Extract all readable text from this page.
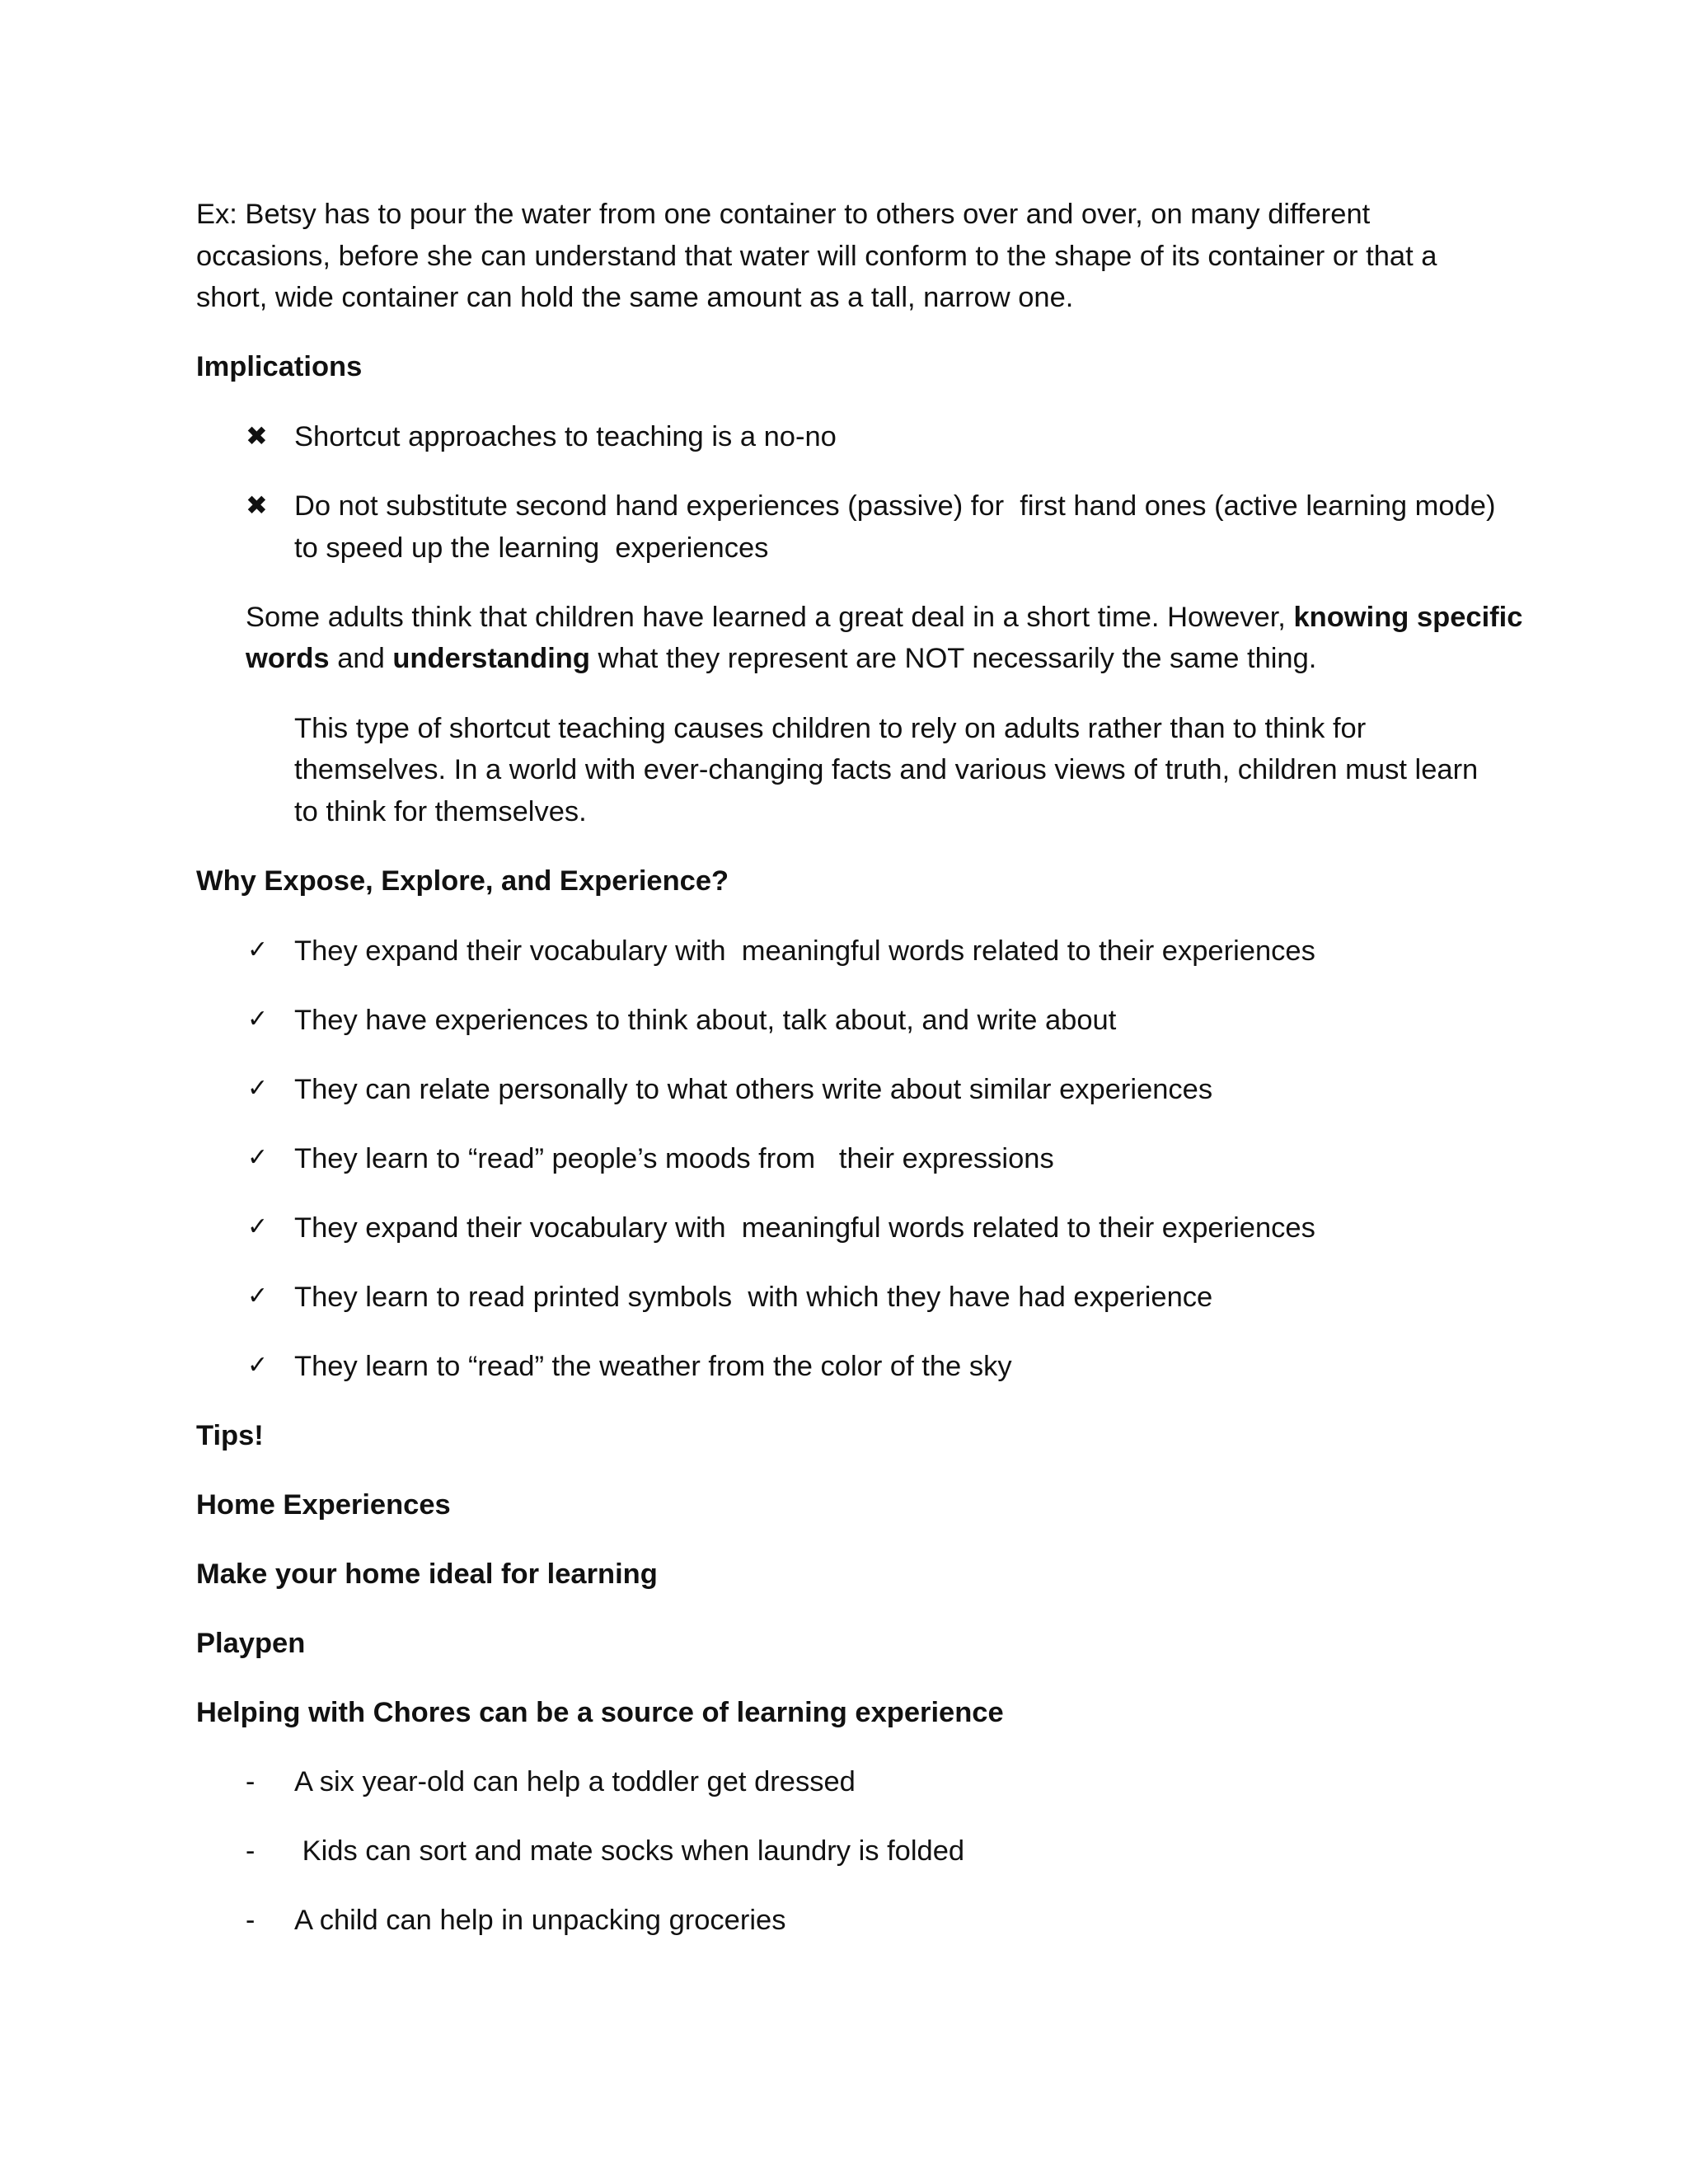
Ex: Betsy has to pour the water from one container to others over and over, on many different
occasions, before she can understand that water will conform to the shape of its container or that a
short, wide container can hold the same amount as a tall, narrow one.
Implications
✖ Shortcut approaches to teaching is a no-no
✖ Do not substitute second hand experiences (passive) for  first hand ones (active learning mode)
to speed up the learning  experiences
Some adults think that children have learned a great deal in a short time. However, knowing specific
words and understanding what they represent are NOT necessarily the same thing.
This type of shortcut teaching causes children to rely on adults rather than to think for
themselves. In a world with ever-changing facts and various views of truth, children must learn
to think for themselves.
Why Expose, Explore, and Experience?
✓ They expand their vocabulary with  meaningful words related to their experiences
✓ They have experiences to think about, talk about, and write about
✓ They can relate personally to what others write about similar experiences
✓ They learn to “read” people’s moods from   their expressions
✓ They expand their vocabulary with  meaningful words related to their experiences
✓ They learn to read printed symbols  with which they have had experience
✓ They learn to “read” the weather from the color of the sky
Tips!
Home Experiences
Make your home ideal for learning
Playpen
Helping with Chores can be a source of learning experience
- A six year-old can help a toddler get dressed
- Kids can sort and mate socks when laundry is folded
- A child can help in unpacking groceries
